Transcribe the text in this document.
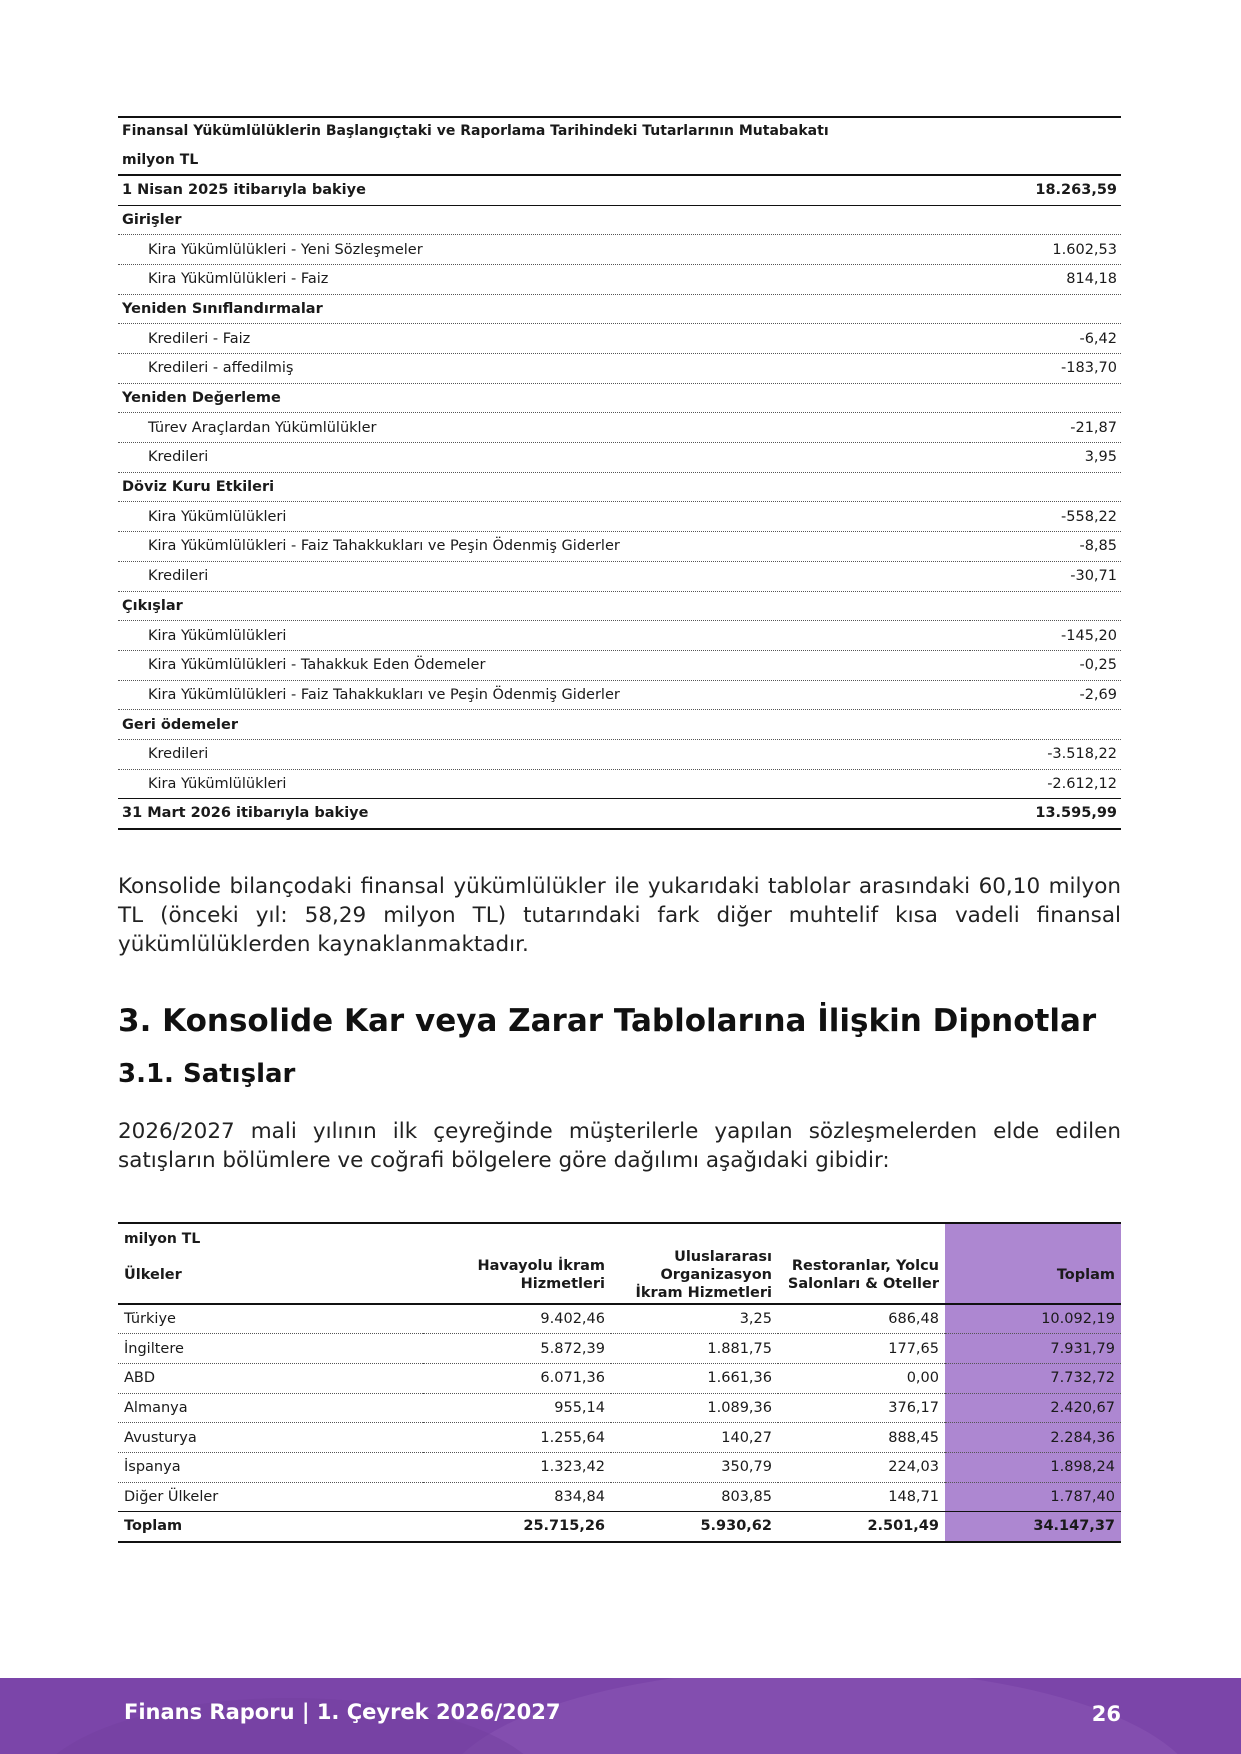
Finansal Yükümlülüklerin Başlangıçtaki ve Raporlama Tarihindeki Tutarlarının Mutabakatı	
milyon TL	
1 Nisan 2025 itibarıyla bakiye	18.263,59
Girişler	
Kira Yükümlülükleri - Yeni Sözleşmeler	1.602,53
Kira Yükümlülükleri - Faiz	814,18
Yeniden Sınıflandırmalar	
Kredileri - Faiz	-6,42
Kredileri - affedilmiş	-183,70
Yeniden Değerleme	
Türev Araçlardan Yükümlülükler	-21,87
Kredileri	3,95
Döviz Kuru Etkileri	
Kira Yükümlülükleri	-558,22
Kira Yükümlülükleri - Faiz Tahakkukları ve Peşin Ödenmiş Giderler	-8,85
Kredileri	-30,71
Çıkışlar	
Kira Yükümlülükleri	-145,20
Kira Yükümlülükleri - Tahakkuk Eden Ödemeler	-0,25
Kira Yükümlülükleri - Faiz Tahakkukları ve Peşin Ödenmiş Giderler	-2,69
Geri ödemeler	
Kredileri	-3.518,22
Kira Yükümlülükleri	-2.612,12
31 Mart 2026 itibarıyla bakiye	13.595,99

Konsolide bilançodaki finansal yükümlülükler ile yukarıdaki tablolar arasındaki 60,10 milyon TL (önceki yıl: 58,29 milyon TL) tutarındaki fark diğer muhtelif kısa vadeli finansal yükümlülüklerden kaynaklanmaktadır.

3. Konsolide Kar veya Zarar Tablolarına İlişkin Dipnotlar
3.1. Satışlar

2026/2027 mali yılının ilk çeyreğinde müşterilerle yapılan sözleşmelerden elde edilen satışların bölümlere ve coğrafi bölgelere göre dağılımı aşağıdaki gibidir:

milyon TL				
Ülkeler	Havayolu İkram Hizmetleri	Uluslararası Organizasyon İkram Hizmetleri	Restoranlar, Yolcu Salonları & Oteller	Toplam
Türkiye	9.402,46	3,25	686,48	10.092,19
İngiltere	5.872,39	1.881,75	177,65	7.931,79
ABD	6.071,36	1.661,36	0,00	7.732,72
Almanya	955,14	1.089,36	376,17	2.420,67
Avusturya	1.255,64	140,27	888,45	2.284,36
İspanya	1.323,42	350,79	224,03	1.898,24
Diğer Ülkeler	834,84	803,85	148,71	1.787,40
Toplam	25.715,26	5.930,62	2.501,49	34.147,37
Finans Raporu | 1. Çeyrek 2026/2027	26
